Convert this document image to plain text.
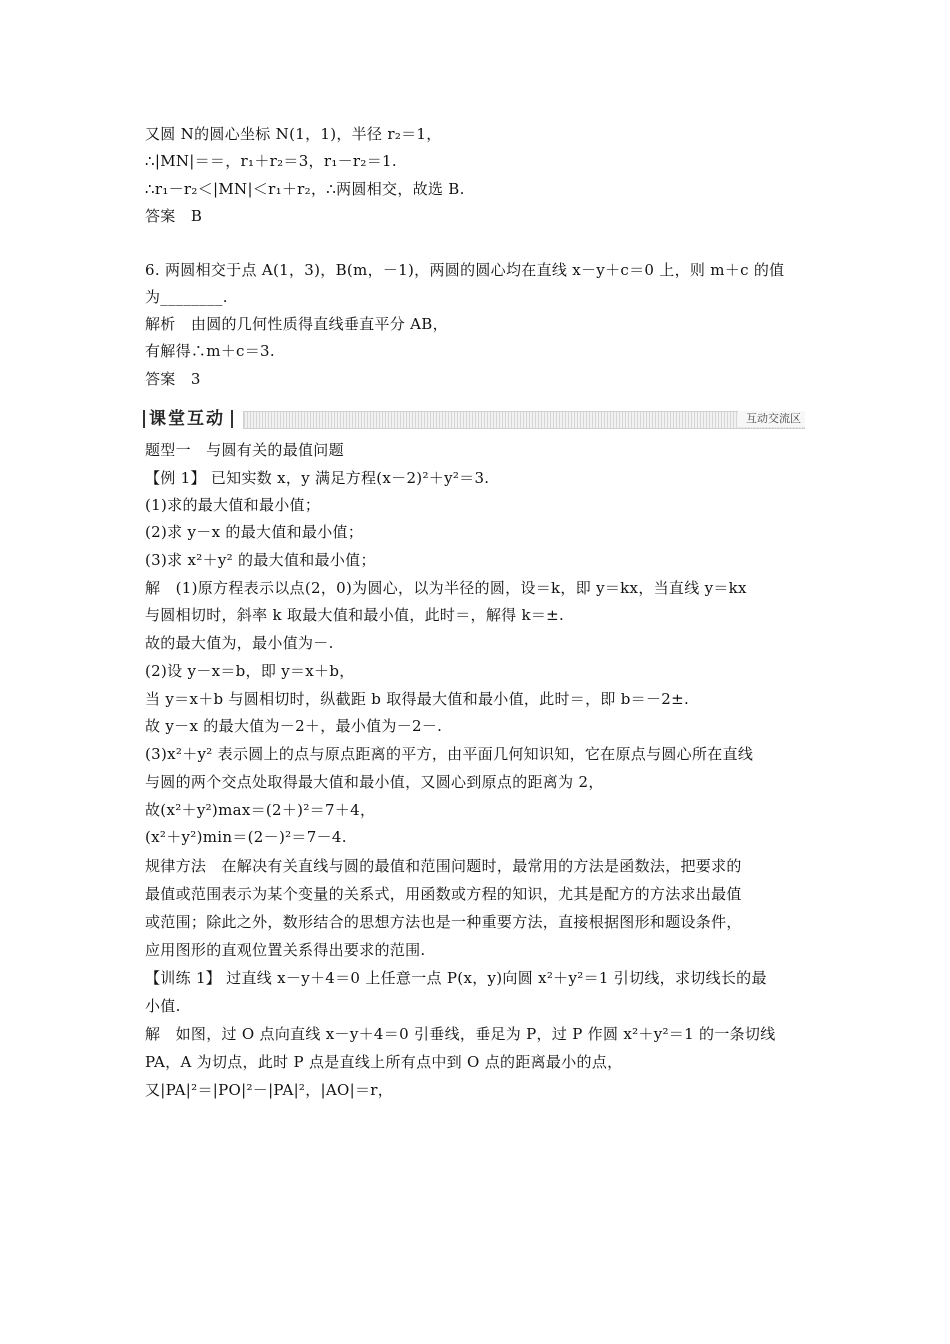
又圆 N的圆心坐标 N(1，1)，半径 r₂＝1，
∴|MN|＝＝，r₁＋r₂＝3，r₁－r₂＝1.
∴r₁－r₂＜|MN|＜r₁＋r₂，∴两圆相交，故选 B.
答案　B
6. 两圆相交于点 A(1，3)，B(m，－1)，两圆的圆心均在直线 x－y＋c＝0 上，则 m＋c 的值
为________.
解析　由圆的几何性质得直线垂直平分 AB，
有解得∴m＋c＝3.
答案　3
课堂互动	互动交流区
题型一　与圆有关的最值问题
【例 1】 已知实数 x，y 满足方程(x－2)²＋y²＝3.
(1)求的最大值和最小值；
(2)求 y－x 的最大值和最小值；
(3)求 x²＋y² 的最大值和最小值；
解　(1)原方程表示以点(2，0)为圆心，以为半径的圆，设＝k，即 y＝kx，当直线 y＝kx
与圆相切时，斜率 k 取最大值和最小值，此时＝，解得 k＝±.
故的最大值为，最小值为－.
(2)设 y－x＝b，即 y＝x＋b，
当 y＝x＋b 与圆相切时，纵截距 b 取得最大值和最小值，此时＝，即 b＝－2±.
故 y－x 的最大值为－2＋，最小值为－2－.
(3)x²＋y² 表示圆上的点与原点距离的平方，由平面几何知识知，它在原点与圆心所在直线
与圆的两个交点处取得最大值和最小值，又圆心到原点的距离为 2，
故(x²＋y²)max＝(2＋)²＝7＋4，
(x²＋y²)min＝(2－)²＝7－4.
规律方法　在解决有关直线与圆的最值和范围问题时，最常用的方法是函数法，把要求的
最值或范围表示为某个变量的关系式，用函数或方程的知识，尤其是配方的方法求出最值
或范围；除此之外，数形结合的思想方法也是一种重要方法，直接根据图形和题设条件，
应用图形的直观位置关系得出要求的范围.
【训练 1】 过直线 x－y＋4＝0 上任意一点 P(x，y)向圆 x²＋y²＝1 引切线，求切线长的最
小值.
解　如图，过 O 点向直线 x－y＋4＝0 引垂线，垂足为 P，过 P 作圆 x²＋y²＝1 的一条切线
PA，A 为切点，此时 P 点是直线上所有点中到 O 点的距离最小的点，
又|PA|²＝|PO|²－|PA|²，|AO|＝r，
